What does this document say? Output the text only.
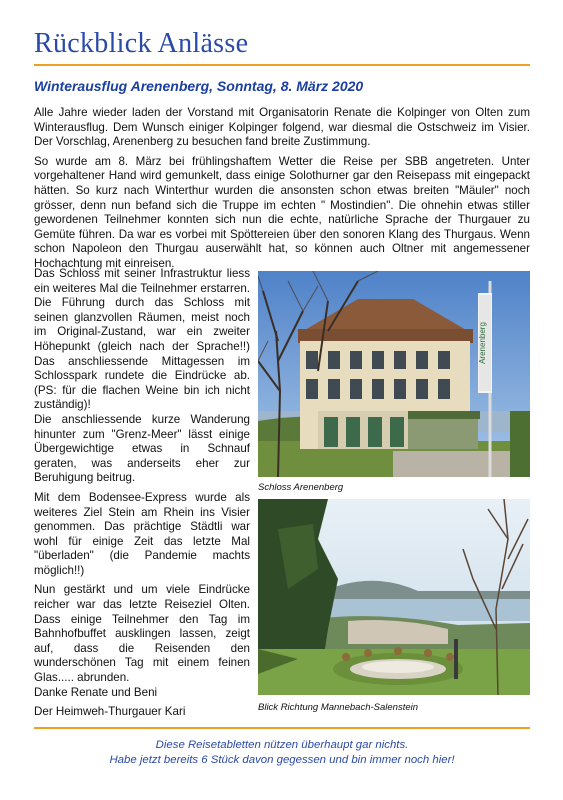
Rückblick Anlässe
Winterausflug Arenenberg, Sonntag, 8. März 2020

Alle Jahre wieder laden der Vorstand mit Organisatorin Renate die Kolpinger von Olten zum Winterausflug. Dem Wunsch einiger Kolpinger folgend, war diesmal die Ostschweiz im Visier. Der Vorschlag, Arenenberg zu besuchen fand breite Zustimmung.

So wurde am 8. März bei frühlingshaftem Wetter die Reise per SBB angetreten. Unter vorgehaltener Hand wird gemunkelt, dass einige Solothurner gar den Reisepass mit eingepackt hätten. So kurz nach Winterthur wurden die ansonsten schon etwas breiten "Mäuler" noch grösser, denn nun befand sich die Truppe im echten " Mostindien". Die ohnehin etwas stiller gewordenen Teilnehmer konnten sich nun die echte, natürliche Sprache der Thurgauer zu Gemüte führen. Da war es vorbei mit Spöttereien über den sonoren Klang des Thurgaus. Wenn schon Napoleon den Thurgau auserwählt hat, so können auch Oltner mit angemessener Hochachtung mit einreisen.

Das Schloss mit seiner Infrastruktur liess ein weiteres Mal die Teilnehmer erstarren. Die Führung durch das Schloss mit seinen glanzvollen Räumen, meist noch im Original-Zustand, war ein zweiter Höhepunkt (gleich nach der Sprache!!) Das anschliessende Mittagessen im Schlosspark rundete die Eindrücke ab. (PS: für die flachen Weine bin ich nicht zuständig)!

Die anschliessende kurze Wanderung hinunter zum "Grenz-Meer" lässt einige Übergewichtige etwas in Schnauf geraten, was anderseits eher zur Beruhigung beitrug.

Mit dem Bodensee-Express wurde als weiteres Ziel Stein am Rhein ins Visier genommen. Das prächtige Städtli war wohl für einige Zeit das letzte Mal "überladen" (die Pandemie machts möglich!!)

Nun gestärkt und um viele Eindrücke reicher war das letzte Reiseziel Olten. Dass einige Teilnehmer den Tag im Bahnhofbuffet ausklingen lassen, zeigt auf, dass die Reisenden den wunderschönen Tag mit einem feinen Glas..... abrunden.

Danke Renate und Beni

Der Heimweh-Thurgauer Kari

Arenenberg
Schloss Arenenberg
Blick Richtung Mannebach-Salenstein
Diese Reisetabletten nützen überhaupt gar nichts.
Habe jetzt bereits 6 Stück davon gegessen und bin immer noch hier!
